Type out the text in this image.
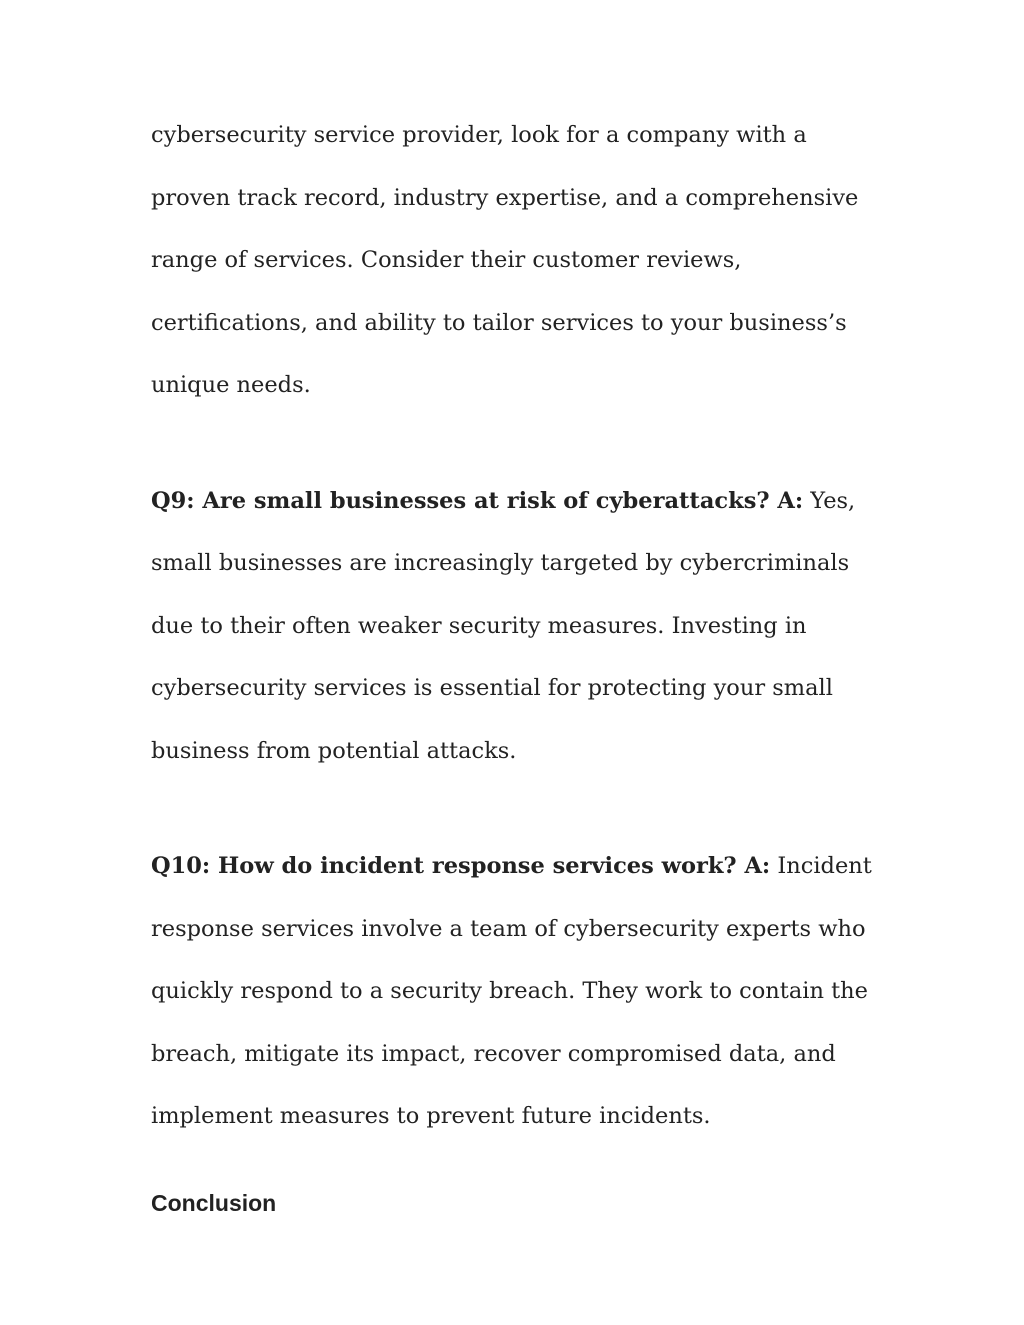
cybersecurity service provider, look for a company with a proven track record, industry expertise, and a comprehensive range of services. Consider their customer reviews, certifications, and ability to tailor services to your business’s unique needs.

Q9: Are small businesses at risk of cyberattacks? A: Yes, small businesses are increasingly targeted by cybercriminals due to their often weaker security measures. Investing in cybersecurity services is essential for protecting your small business from potential attacks.

Q10: How do incident response services work? A: Incident response services involve a team of cybersecurity experts who quickly respond to a security breach. They work to contain the breach, mitigate its impact, recover compromised data, and implement measures to prevent future incidents.

Conclusion
